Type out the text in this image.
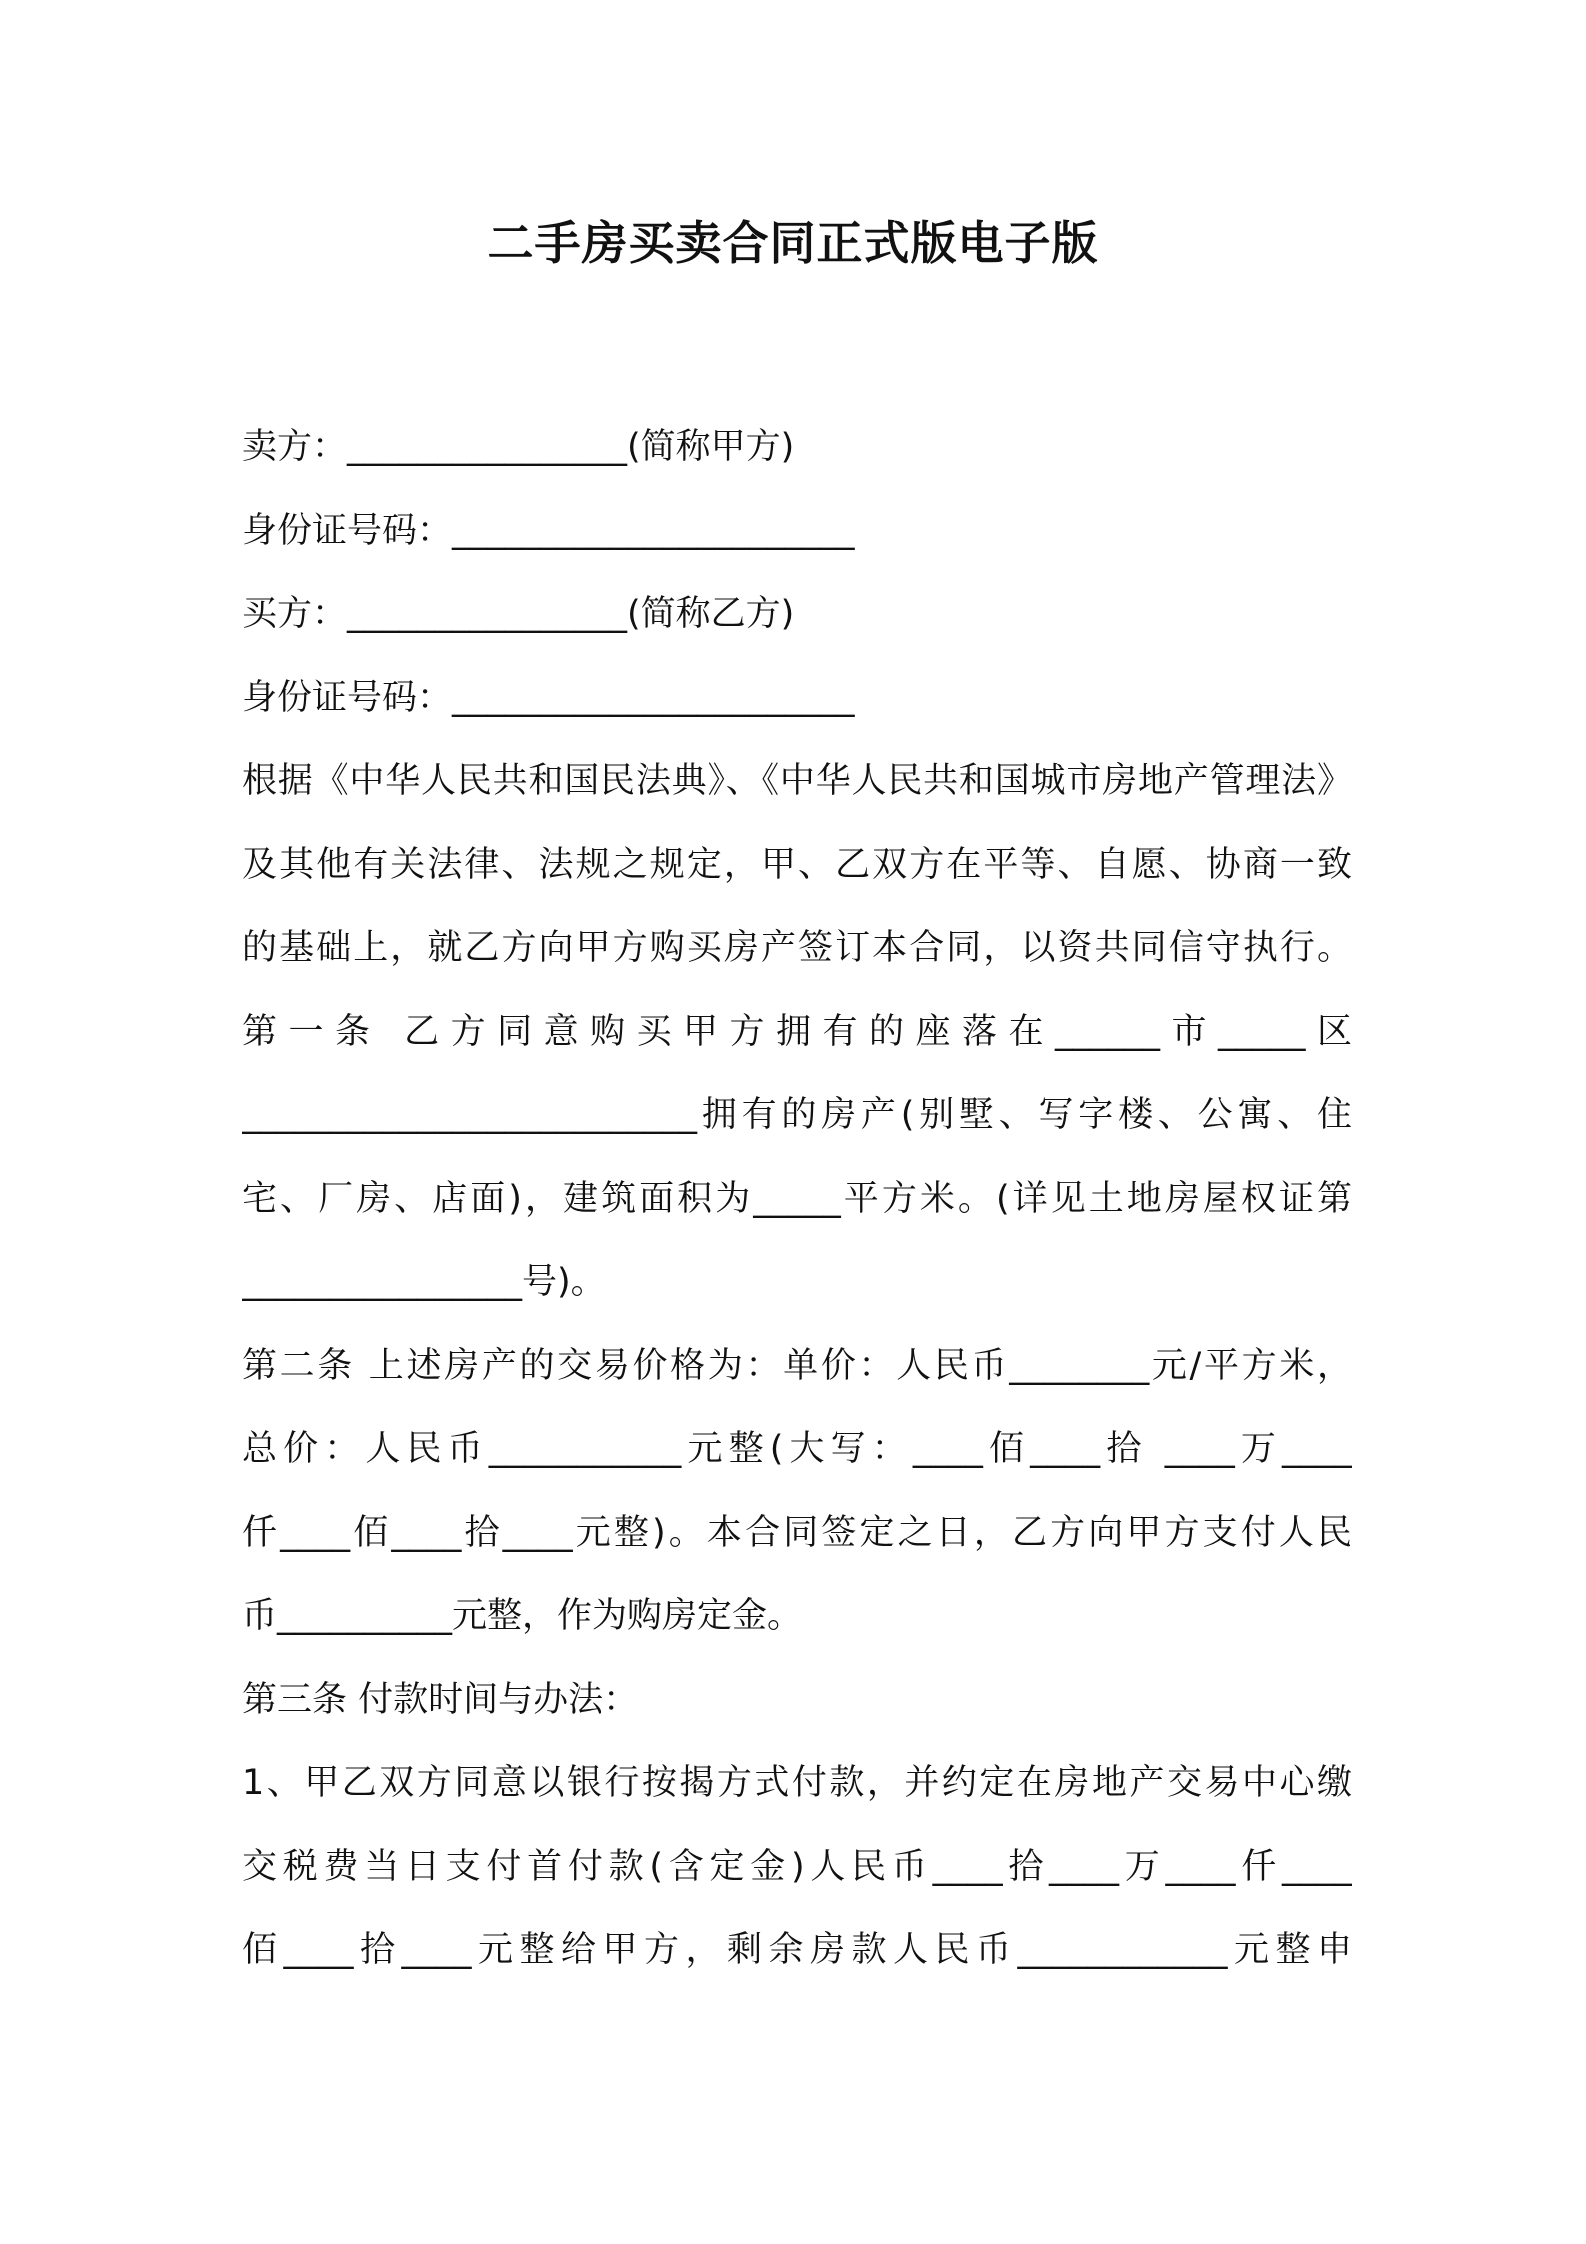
二手房买卖合同正式版电子版
卖方：________________(简称甲方)
身份证号码：_______________________
买方：________________(简称乙方)
身份证号码：_______________________
根据《中华人民共和国民法典》、《中华人民共和国城市房地产管理法》
及其他有关法律、法规之规定，甲、乙双方在平等、自愿、协商一致
的基础上，就乙方向甲方购买房产签订本合同，以资共同信守执行。
第一条 乙方同意购买甲方拥有的座落在______市_____区
__________________________拥有的房产(别墅、写字楼、公寓、住
宅、厂房、店面)，建筑面积为_____平方米。(详见土地房屋权证第
________________号)。
第二条 上述房产的交易价格为：单价：人民币________元/平方米，
总价：人民币___________元整(大写：____佰____拾 ____万____
仟____佰____拾____元整)。本合同签定之日，乙方向甲方支付人民
币__________元整，作为购房定金。
第三条 付款时间与办法：
1、甲乙双方同意以银行按揭方式付款，并约定在房地产交易中心缴
交税费当日支付首付款(含定金)人民币____拾____万____仟____
佰____拾____元整给甲方，剩余房款人民币____________元整申
